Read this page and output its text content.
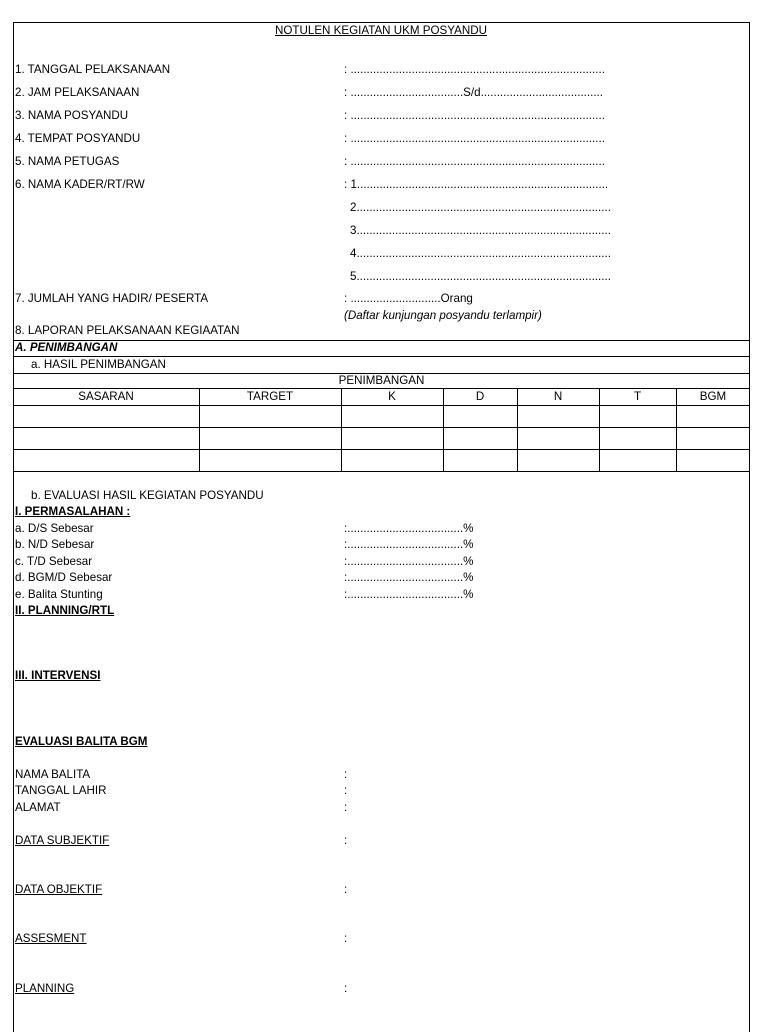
NOTULEN KEGIATAN UKM POSYANDU
1. TANGGAL PELAKSANAAN	: ...............................................................................
2. JAM PELAKSANAAN	: ...................................S/d......................................
3. NAMA POSYANDU	: ...............................................................................
4. TEMPAT POSYANDU	: ...............................................................................
5. NAMA PETUGAS	: ...............................................................................
6. NAMA KADER/RT/RW	: 1..............................................................................
2...............................................................................
3...............................................................................
4...............................................................................
5...............................................................................
7. JUMLAH YANG HADIR/ PESERTA	: ............................Orang
(Daftar kunjungan posyandu terlampir)
8. LAPORAN PELAKSANAAN KEGIAATAN
A. PENIMBANGAN
a. HASIL PENIMBANGAN
PENIMBANGAN
SASARAN	TARGET	K	D	N	T	BGM
b. EVALUASI HASIL KEGIATAN POSYANDU
I. PERMASALAHAN :
a. D/S Sebesar	:....................................%
b. N/D Sebesar	:....................................%
c. T/D Sebesar	:....................................%
d. BGM/D Sebesar	:....................................%
e. Balita Stunting	:....................................%
II. PLANNING/RTL
III. INTERVENSI
EVALUASI BALITA BGM
NAMA BALITA	:
TANGGAL LAHIR	:
ALAMAT	:
DATA SUBJEKTIF	:
DATA OBJEKTIF	:
ASSESMENT	:
PLANNING	:
